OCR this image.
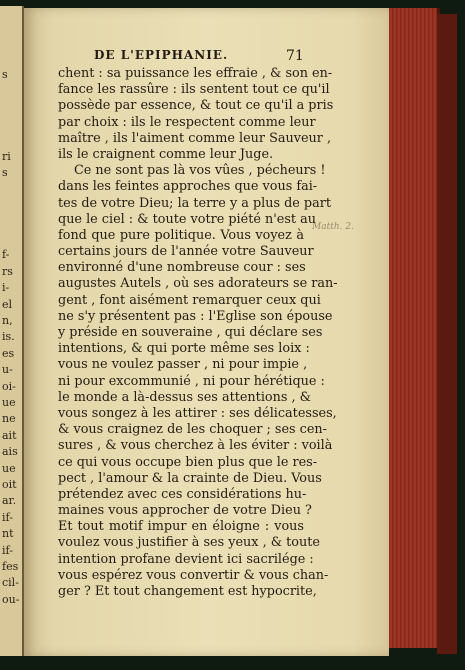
s
ri
s
f-
rs
i-
el
n,
is.
es
u-
oi-
ue
ne
ait
ais
ue
oit
ar.
if-
nt
if-
fes
cil-
ou-
DE L'EPIPHANIE.	71
Matth. 2.
chent : sa puissance les effraie , & son en-
fance les rassûre : ils sentent tout ce qu'il
possède par essence, & tout ce qu'il a pris
par choix : ils le respectent comme leur
maître , ils l'aiment comme leur Sauveur ,
ils le craignent comme leur Juge.
Ce ne sont pas là vos vûes , pécheurs !
dans les feintes approches que vous fai-
tes de votre Dieu; la terre y a plus de part
que le ciel : & toute votre piété n'est au
fond que pure politique. Vous voyez à
certains jours de l'année votre Sauveur
environné d'une nombreuse cour : ses
augustes Autels , où ses adorateurs se ran-
gent , font aisément remarquer ceux qui
ne s'y présentent pas : l'Eglise son épouse
y préside en souveraine , qui déclare ses
intentions, & qui porte même ses loix :
vous ne voulez passer , ni pour impie ,
ni pour excommunié , ni pour hérétique :
le monde a là-dessus ses attentions , &
vous songez à les attirer : ses délicatesses,
& vous craignez de les choquer ; ses cen-
sures , & vous cherchez à les éviter : voilà
ce qui vous occupe bien plus que le res-
pect , l'amour & la crainte de Dieu. Vous
prétendez avec ces considérations hu-
maines vous approcher de votre Dieu ?
Et tout motif impur en éloigne : vous
voulez vous justifier à ses yeux , & toute
intention profane devient ici sacrilége :
vous espérez vous convertir & vous chan-
ger ? Et tout changement est hypocrite,
